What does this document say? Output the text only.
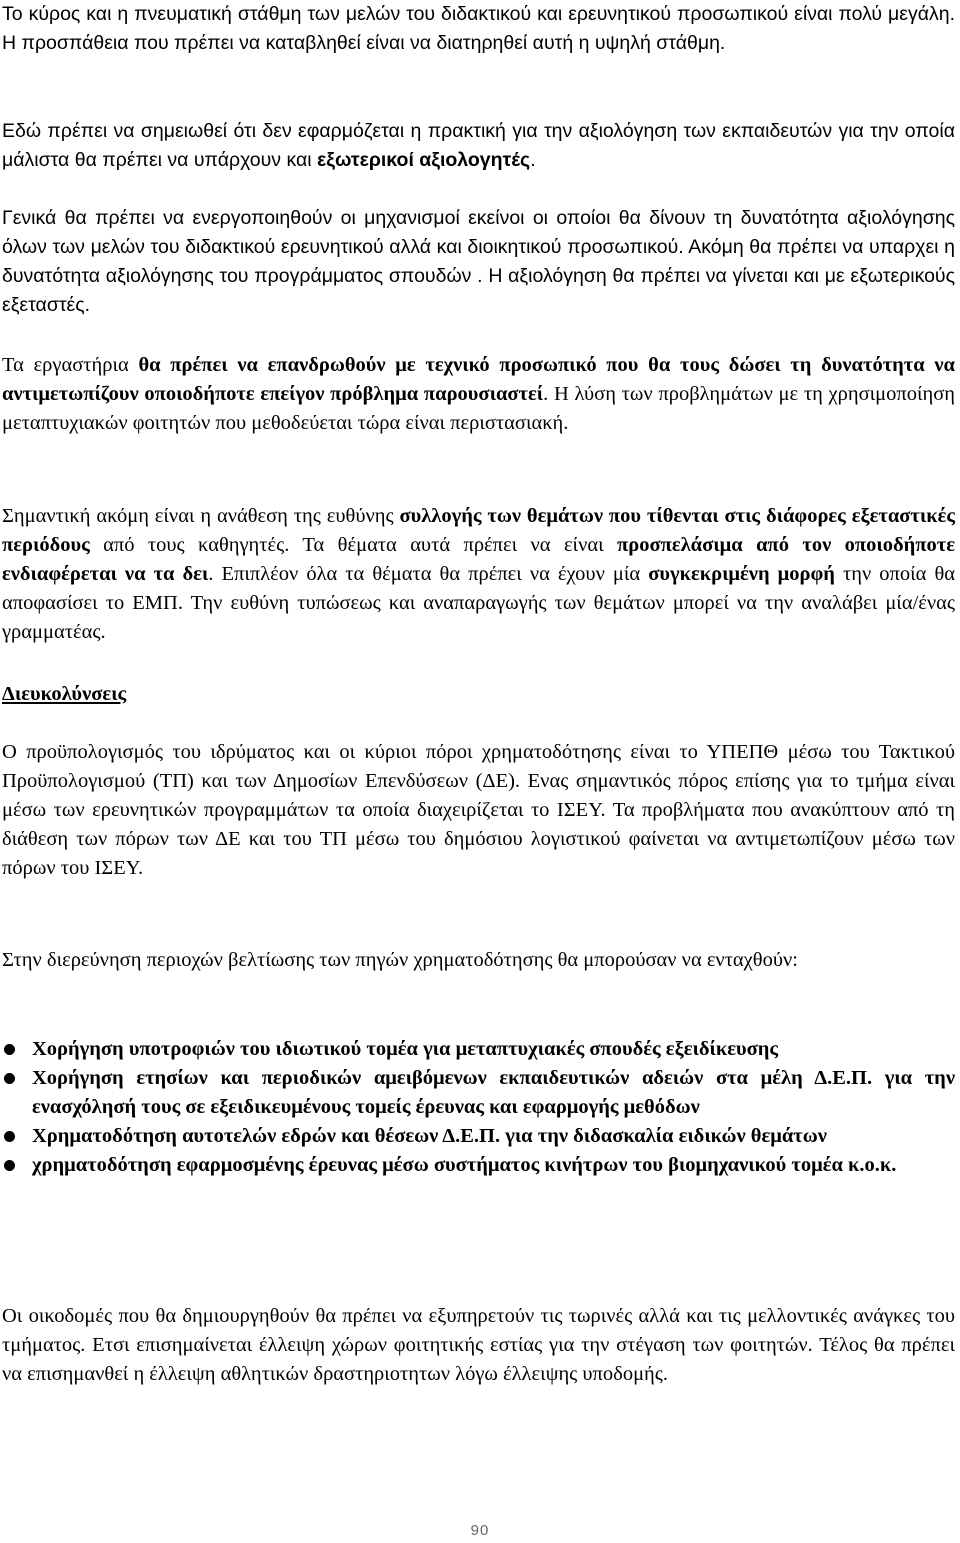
Το κύρος και η πνευματική στάθμη των μελών του διδακτικού και ερευνητικού προσωπικού είναι πολύ μεγάλη. Η προσπάθεια που πρέπει να καταβληθεί είναι να διατηρηθεί αυτή η υψηλή στάθμη.

Εδώ πρέπει να σημειωθεί ότι δεν εφαρμόζεται η πρακτική για την αξιολόγηση των εκπαιδευτών για την οποία μάλιστα θα πρέπει να υπάρχουν και εξωτερικοί αξιολογητές.

Γενικά θα πρέπει να ενεργοποιηθούν οι μηχανισμοί εκείνοι οι οποίοι θα δίνουν τη δυνατότητα αξιολόγησης όλων των μελών του διδακτικού ερευνητικού αλλά και διοικητικού προσωπικού. Ακόμη θα πρέπει να υπαρχει η δυνατότητα αξιολόγησης του προγράμματος σπουδών . Η αξιολόγηση θα πρέπει να γίνεται και με εξωτερικούς εξεταστές.

Τα εργαστήρια θα πρέπει να επανδρωθούν με τεχνικό προσωπικό που θα τους δώσει τη δυνατότητα να αντιμετωπίζουν οποιοδήποτε επείγον πρόβλημα παρουσιαστεί. Η λύση των προβλημάτων με τη χρησιμοποίηση μεταπτυχιακών φοιτητών που μεθοδεύεται τώρα είναι περιστασιακή.

Σημαντική ακόμη είναι η ανάθεση της ευθύνης συλλογής των θεμάτων που τίθενται στις διάφορες εξεταστικές περιόδους από τους καθηγητές. Τα θέματα αυτά πρέπει να είναι προσπελάσιμα από τον οποιοδήποτε ενδιαφέρεται να τα δει. Επιπλέον όλα τα θέματα θα πρέπει να έχουν μία συγκεκριμένη μορφή την οποία θα αποφασίσει το ΕΜΠ. Την ευθύνη τυπώσεως και αναπαραγωγής των θεμάτων μπορεί να την αναλάβει μία/ένας γραμματέας.

Διευκολύνσεις

Ο προϋπολογισμός του ιδρύματος και οι κύριοι πόροι χρηματοδότησης είναι το ΥΠΕΠΘ μέσω του Τακτικού Προϋπολογισμού (ΤΠ) και των Δημοσίων Επενδύσεων (ΔΕ). Ενας σημαντικός πόρος επίσης για το τμήμα είναι μέσω των ερευνητικών προγραμμάτων τα οποία διαχειρίζεται το ΙΣΕΥ. Τα προβλήματα που ανακύπτουν από τη διάθεση των πόρων των ΔΕ και του ΤΠ μέσω του δημόσιου λογιστικού φαίνεται να αντιμετωπίζουν μέσω των πόρων του ΙΣΕΥ.

Στην διερεύνηση περιοχών βελτίωσης των πηγών χρηματοδότησης θα μπορούσαν να ενταχθούν:

Χορήγηση υποτροφιών του ιδιωτικού τομέα για μεταπτυχιακές σπουδές εξειδίκευσης
Χορήγηση ετησίων και περιοδικών αμειβόμενων εκπαιδευτικών αδειών στα μέλη Δ.Ε.Π. για την ενασχόλησή τους σε εξειδικευμένους τομείς έρευνας και εφαρμογής μεθόδων
Χρηματοδότηση αυτοτελών εδρών και θέσεων Δ.Ε.Π. για την διδασκαλία ειδικών θεμάτων
χρηματοδότηση εφαρμοσμένης έρευνας μέσω συστήματος κινήτρων του βιομηχανικού τομέα κ.ο.κ.

Οι οικοδομές που θα δημιουργηθούν θα πρέπει να εξυπηρετούν τις τωρινές αλλά και τις μελλοντικές ανάγκες του τμήματος. Ετσι επισημαίνεται έλλειψη χώρων φοιτητικής εστίας για την στέγαση των φοιτητών. Τέλος θα πρέπει να επισημανθεί η έλλειψη αθλητικών δραστηριοτητων λόγω έλλειψης υποδομής.

90
